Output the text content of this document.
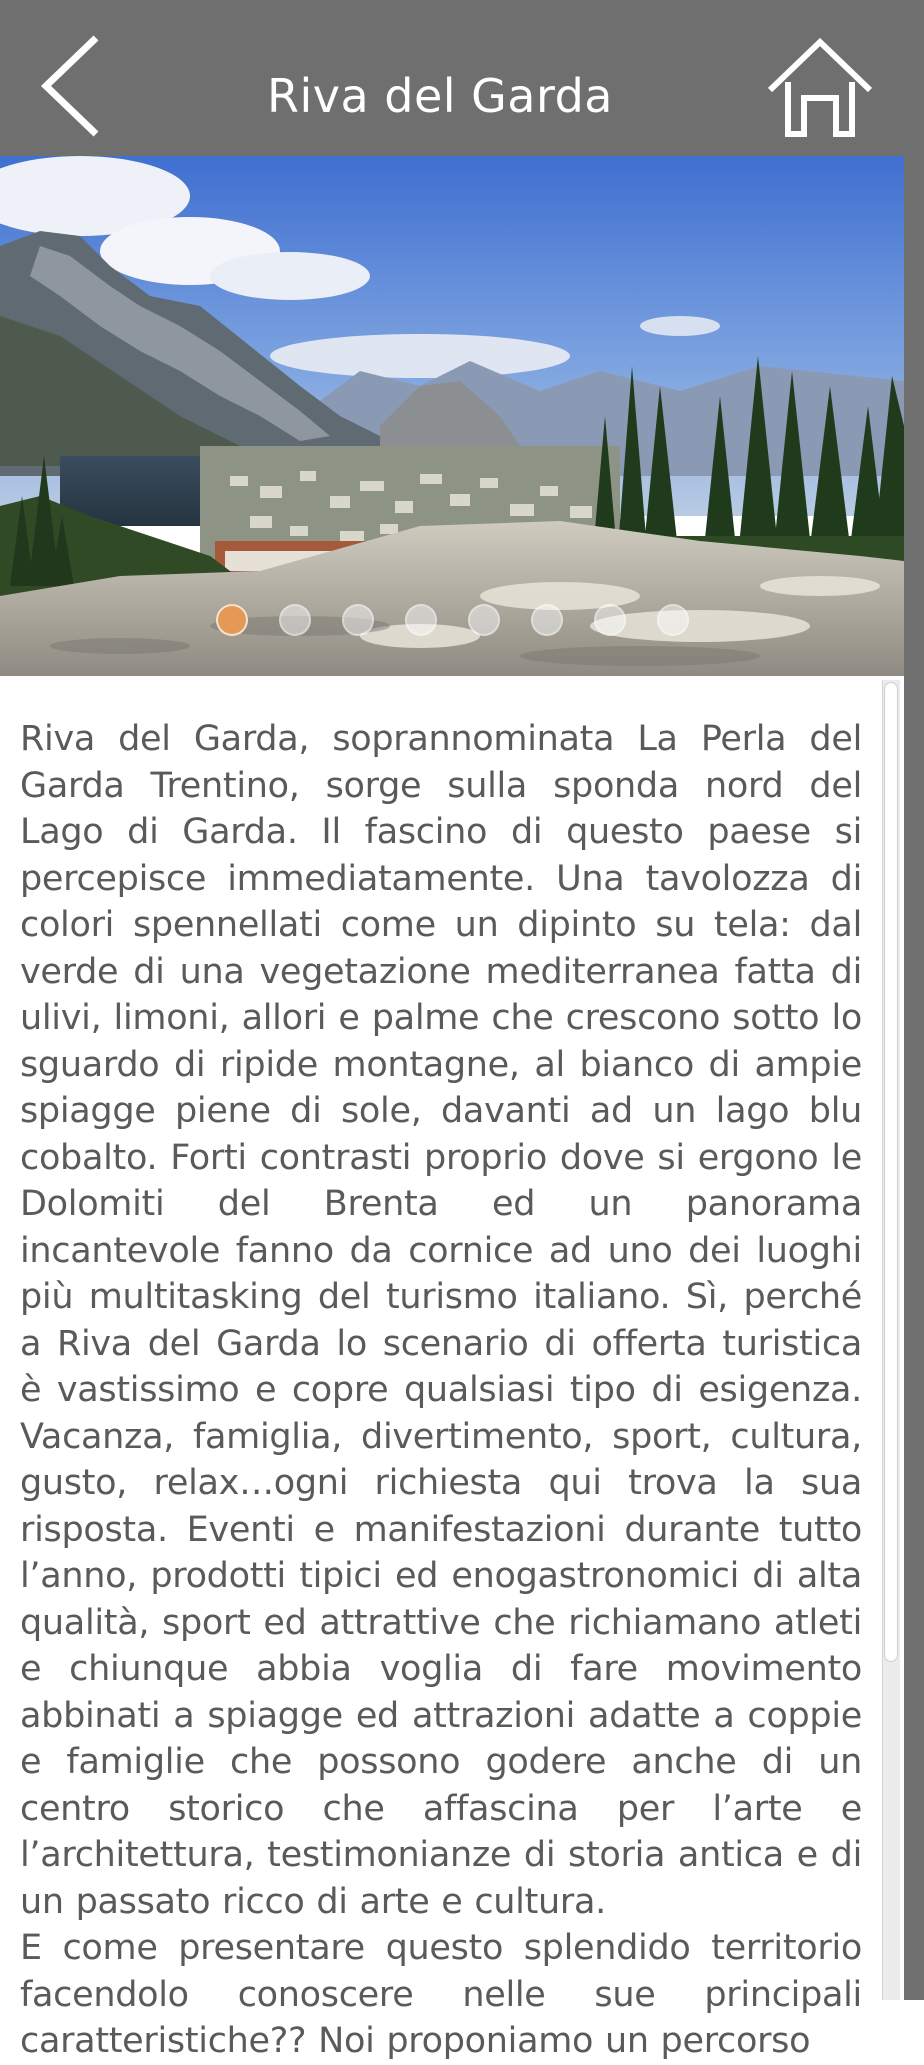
Riva del Garda

Riva del Garda, soprannominata La Perla del Garda Trentino, sorge sulla sponda nord del Lago di Garda. Il fascino di questo paese si percepisce immediatamente. Una tavolozza di colori spennellati come un dipinto su tela: dal verde di una vegetazione mediterranea fatta di ulivi, limoni, allori e palme che crescono sotto lo sguardo di ripide montagne, al bianco di ampie spiagge piene di sole, davanti ad un lago blu cobalto. Forti contrasti proprio dove si ergono le Dolomiti del Brenta ed un panorama incantevole fanno da cornice ad uno dei luoghi più multitasking del turismo italiano. Sì, perché a Riva del Garda lo scenario di offerta turistica è vastissimo e copre qualsiasi tipo di esigenza. Vacanza, famiglia, divertimento, sport, cultura, gusto, relax…ogni richiesta qui trova la sua risposta. Eventi e manifestazioni durante tutto l’anno, prodotti tipici ed enogastronomici di alta qualità, sport ed attrattive che richiamano atleti e chiunque abbia voglia di fare movimento abbinati a spiagge ed attrazioni adatte a coppie e famiglie che possono godere anche di un centro storico che affascina per l’arte e l’architettura, testimonianze di storia antica e di un passato ricco di arte e cultura.

E come presentare questo splendido territorio facendolo conoscere nelle sue principali caratteristiche?? Noi proponiamo un percorso
